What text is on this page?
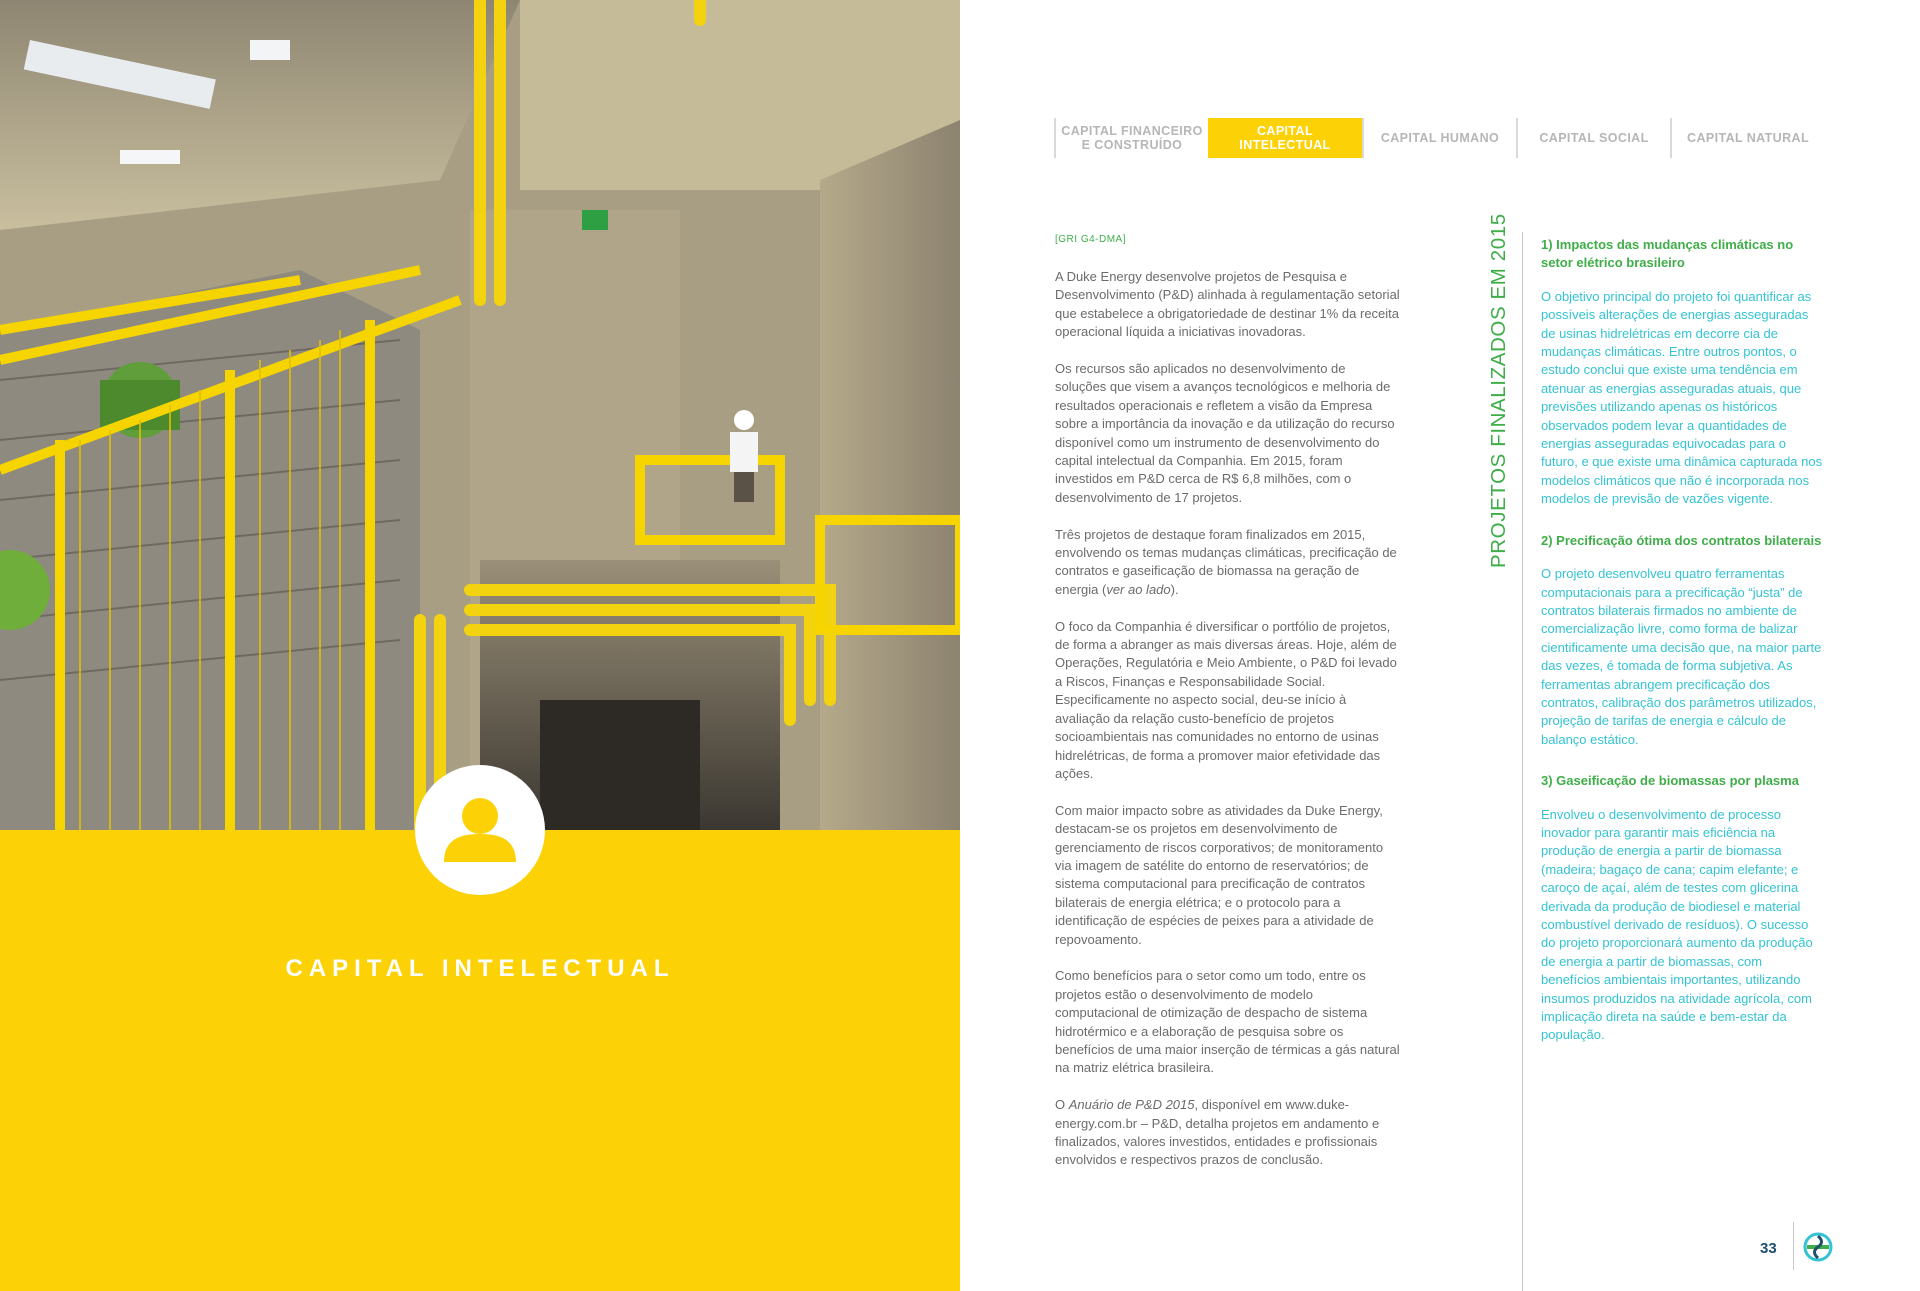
CAPITAL INTELECTUAL
CAPITAL FINANCEIRO
E CONSTRUÍDO
CAPITAL
INTELECTUAL	CAPITAL HUMANO	CAPITAL SOCIAL	CAPITAL NATURAL
[GRI G4-DMA]

A Duke Energy desenvolve projetos de Pesquisa e Desenvolvimento (P&D) alinhada à regulamentação setorial que estabelece a obrigatoriedade de destinar 1% da receita operacional líquida a iniciativas inovadoras.

Os recursos são aplicados no desenvolvimento de soluções que visem a avanços tecnológicos e melhoria de resultados operacionais e refletem a visão da Empresa sobre a importância da inovação e da utilização do recurso disponível como um instrumento de desenvolvimento do capital intelectual da Companhia. Em 2015, foram investidos em P&D cerca de R$ 6,8 milhões, com o desenvolvimento de 17 projetos.

Três projetos de destaque foram finalizados em 2015, envolvendo os temas mudanças climáticas, precificação de contratos e gaseificação de biomassa na geração de energia (ver ao lado).

O foco da Companhia é diversificar o portfólio de projetos, de forma a abranger as mais diversas áreas. Hoje, além de Operações, Regulatória e Meio Ambiente, o P&D foi levado a Riscos, Finanças e Responsabilidade Social. Especificamente no aspecto social, deu-se início à avaliação da relação custo-benefício de projetos socioambientais nas comunidades no entorno de usinas hidrelétricas, de forma a promover maior efetividade das ações.

Com maior impacto sobre as atividades da Duke Energy, destacam-se os projetos em desenvolvimento de gerenciamento de riscos corporativos; de monitoramento via imagem de satélite do entorno de reservatórios; de sistema computacional para precificação de contratos bilaterais de energia elétrica; e o protocolo para a identificação de espécies de peixes para a atividade de repovoamento.

Como benefícios para o setor como um todo, entre os projetos estão o desenvolvimento de modelo computacional de otimização de despacho de sistema hidrotérmico e a elaboração de pesquisa sobre os benefícios de uma maior inserção de térmicas a gás natural na matriz elétrica brasileira.

O Anuário de P&D 2015, disponível em www.duke-energy.com.br – P&D, detalha projetos em andamento e finalizados, valores investidos, entidades e profissionais envolvidos e respectivos prazos de conclusão.

PROJETOS FINALIZADOS EM 2015 1) Impactos das mudanças climáticas no setor elétrico brasileiro
O objetivo principal do projeto foi quantificar as possíveis alterações de energias asseguradas de usinas hidrelétricas em decorre cia de mudanças climáticas. Entre outros pontos, o estudo conclui que existe uma tendência em atenuar as energias asseguradas atuais, que previsões utilizando apenas os históricos observados podem levar a quantidades de energias asseguradas equivocadas para o futuro, e que existe uma dinâmica capturada nos modelos climáticos que não é incorporada nos modelos de previsão de vazões vigente.
2) Precificação ótima dos contratos bilaterais
O projeto desenvolveu quatro ferramentas computacionais para a precificação “justa” de contratos bilaterais firmados no ambiente de comercialização livre, como forma de balizar cientificamente uma decisão que, na maior parte das vezes, é tomada de forma subjetiva. As ferramentas abrangem precificação dos contratos, calibração dos parâmetros utilizados, projeção de tarifas de energia e cálculo de balanço estático.
3) Gaseificação de biomassas por plasma
Envolveu o desenvolvimento de processo inovador para garantir mais eficiência na produção de energia a partir de biomassa (madeira; bagaço de cana; capim elefante; e caroço de açaí, além de testes com glicerina derivada da produção de biodiesel e material combustível derivado de resíduos). O sucesso do projeto proporcionará aumento da produção de energia a partir de biomassas, com benefícios ambientais importantes, utilizando insumos produzidos na atividade agrícola, com implicação direta na saúde e bem-estar da população.
33
